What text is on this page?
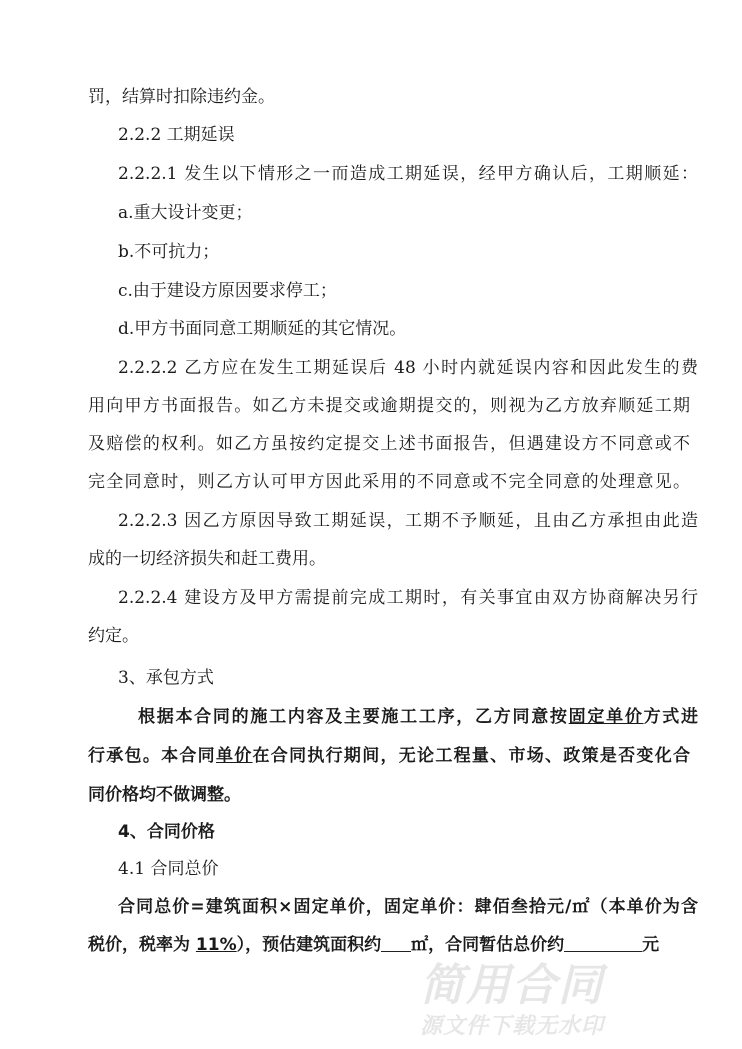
罚，结算时扣除违约金。
2.2.2 工期延误
2.2.2.1 发生以下情形之一而造成工期延误，经甲方确认后，工期顺延：
a.重大设计变更；
b.不可抗力；
c.由于建设方原因要求停工；
d.甲方书面同意工期顺延的其它情况。
2.2.2.2 乙方应在发生工期延误后 48 小时内就延误内容和因此发生的费
用向甲方书面报告。如乙方未提交或逾期提交的，则视为乙方放弃顺延工期
及赔偿的权利。如乙方虽按约定提交上述书面报告，但遇建设方不同意或不
完全同意时，则乙方认可甲方因此采用的不同意或不完全同意的处理意见。
2.2.2.3 因乙方原因导致工期延误，工期不予顺延，且由乙方承担由此造
成的一切经济损失和赶工费用。
2.2.2.4 建设方及甲方需提前完成工期时，有关事宜由双方协商解决另行
约定。
3、承包方式
根据本合同的施工内容及主要施工工序，乙方同意按固定单价方式进
行承包。本合同单价在合同执行期间，无论工程量、市场、政策是否变化合
同价格均不做调整。
4、合同价格
4.1 合同总价
合同总价=建筑面积×固定单价，固定单价：肆佰叁拾元/㎡（本单价为含
税价，税率为 11%），预估建筑面积约 ㎡，合同暂估总价约	元
简用合同
源文件下载无水印
